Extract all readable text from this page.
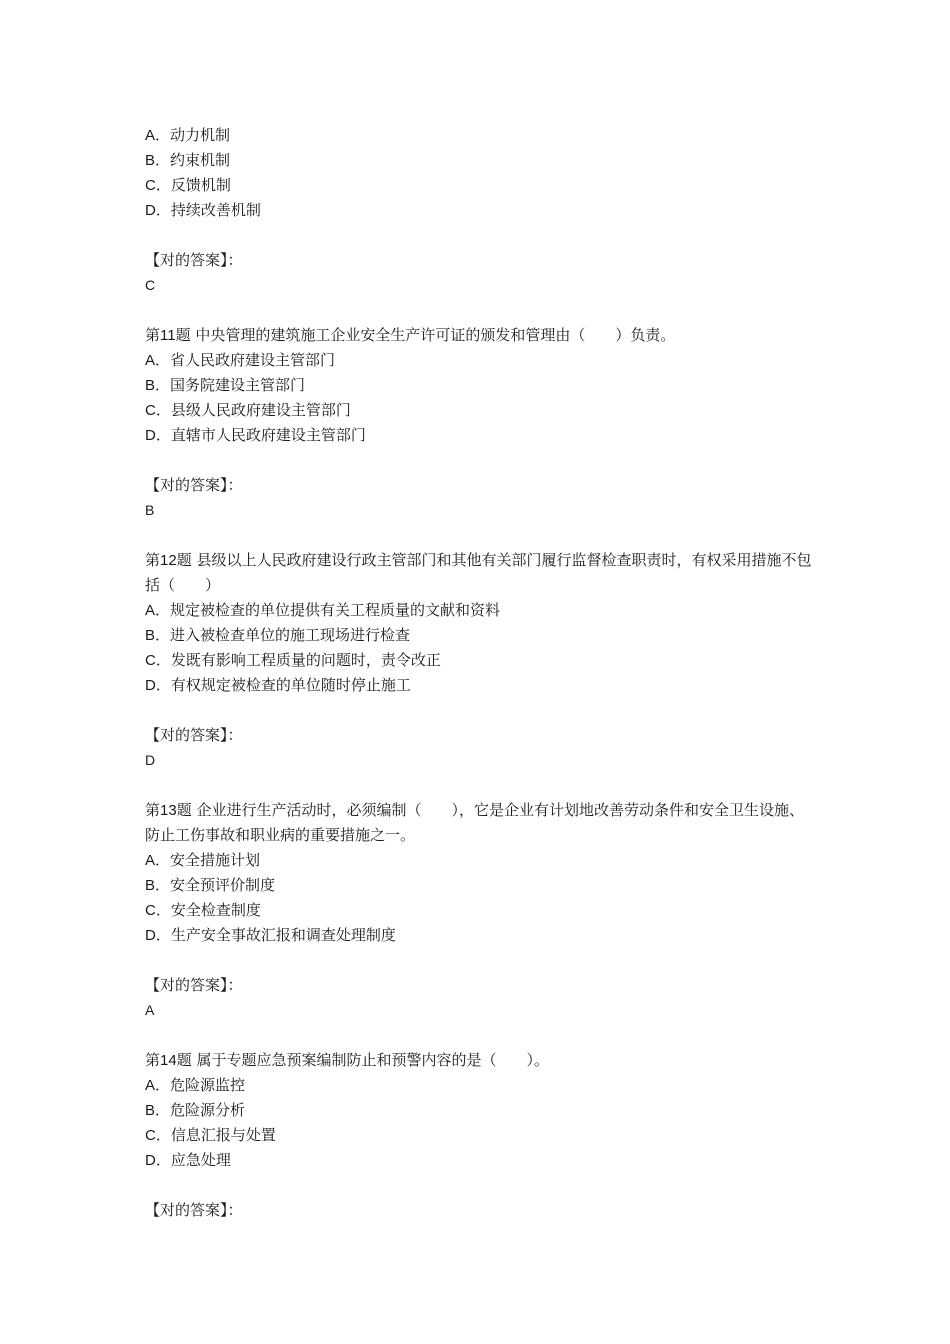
A．动力机制
B．约束机制
C．反馈机制
D．持续改善机制
【对的答案】：
C
第11题 中央管理的建筑施工企业安全生产许可证的颁发和管理由（　　）负责。
A．省人民政府建设主管部门
B．国务院建设主管部门
C．县级人民政府建设主管部门
D．直辖市人民政府建设主管部门
【对的答案】：
B
第12题 县级以上人民政府建设行政主管部门和其他有关部门履行监督检查职责时，有权采用措施不包括（　　）
A．规定被检查的单位提供有关工程质量的文献和资料
B．进入被检查单位的施工现场进行检查
C．发既有影响工程质量的问题时，责令改正
D．有权规定被检查的单位随时停止施工
【对的答案】：
D
第13题 企业进行生产活动时，必须编制（　　），它是企业有计划地改善劳动条件和安全卫生设施、防止工伤事故和职业病的重要措施之一。
A．安全措施计划
B．安全预评价制度
C．安全检查制度
D．生产安全事故汇报和调查处理制度
【对的答案】：
A
第14题 属于专题应急预案编制防止和预警内容的是（　　）。
A．危险源监控
B．危险源分析
C．信息汇报与处置
D．应急处理
【对的答案】：
